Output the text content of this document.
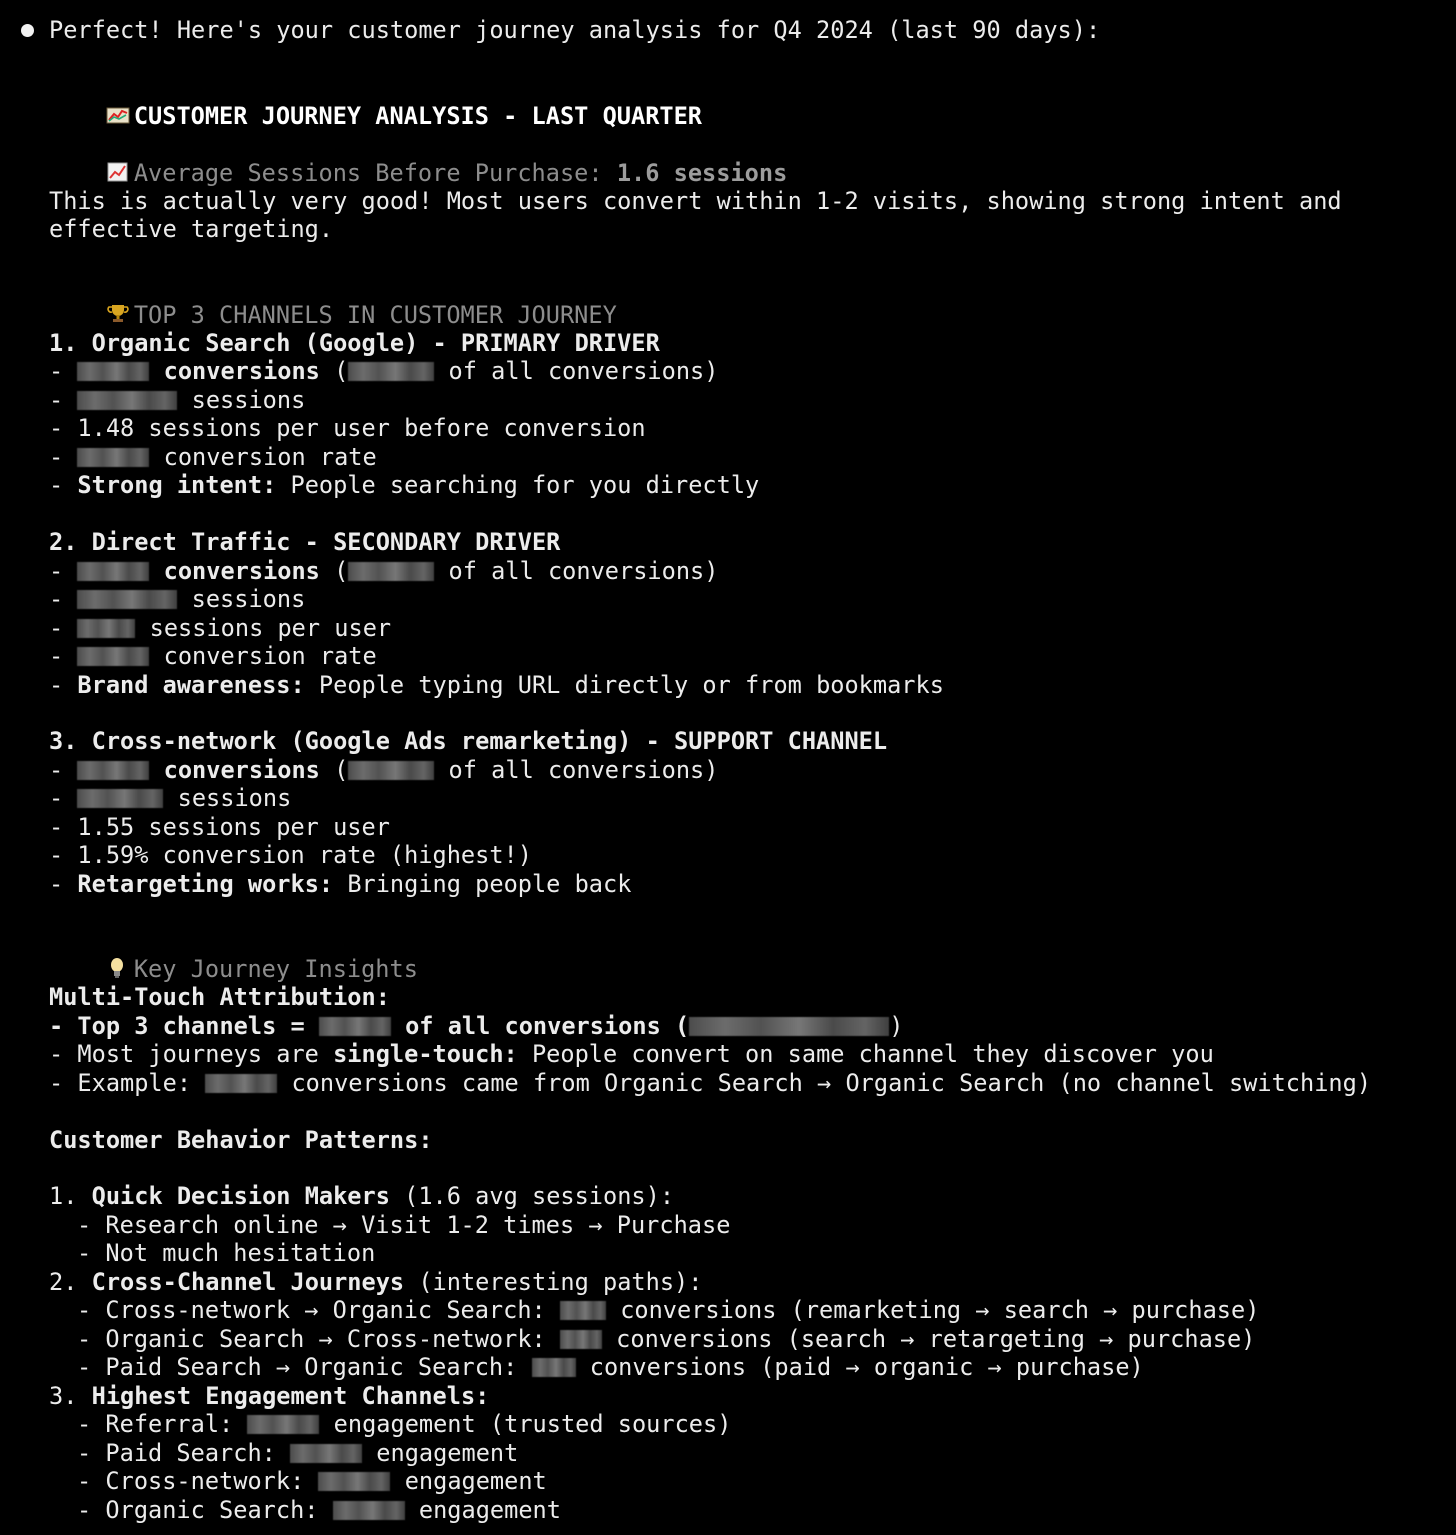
Perfect! Here's your customer journey analysis for Q4 2024 (last 90 days):

CUSTOMER JOURNEY ANALYSIS - LAST QUARTER

Average Sessions Before Purchase: 1.6 sessions

This is actually very good! Most users convert within 1-2 visits, showing strong intent and
effective targeting.

TOP 3 CHANNELS IN CUSTOMER JOURNEY

1. Organic Search (Google) - PRIMARY DRIVER
-	conversions (	of all conversions)
-	sessions
- 1.48 sessions per user before conversion
-	conversion rate
- Strong intent: People searching for you directly
2. Direct Traffic - SECONDARY DRIVER
-	conversions (	of all conversions)
-	sessions
-	sessions per user
-	conversion rate
- Brand awareness: People typing URL directly or from bookmarks
3. Cross-network (Google Ads remarketing) - SUPPORT CHANNEL
-	conversions (	of all conversions)
-	sessions
- 1.55 sessions per user
- 1.59% conversion rate (highest!)
- Retargeting works: Bringing people back

Key Journey Insights

Multi-Touch Attribution:
- Top 3 channels =	of all conversions (	)
- Most journeys are single-touch: People convert on same channel they discover you
- Example:	conversions came from Organic Search → Organic Search (no channel switching)
Customer Behavior Patterns:
1. Quick Decision Makers (1.6 avg sessions):
- Research online → Visit 1-2 times → Purchase
- Not much hesitation
2. Cross-Channel Journeys (interesting paths):
- Cross-network → Organic Search:	conversions (remarketing → search → purchase)
- Organic Search → Cross-network:  conversions (search → retargeting → purchase)
- Paid Search → Organic Search:  conversions (paid → organic → purchase)
3. Highest Engagement Channels:
- Referral:	engagement (trusted sources)
- Paid Search:	engagement
- Cross-network:	engagement
- Organic Search:	engagement
